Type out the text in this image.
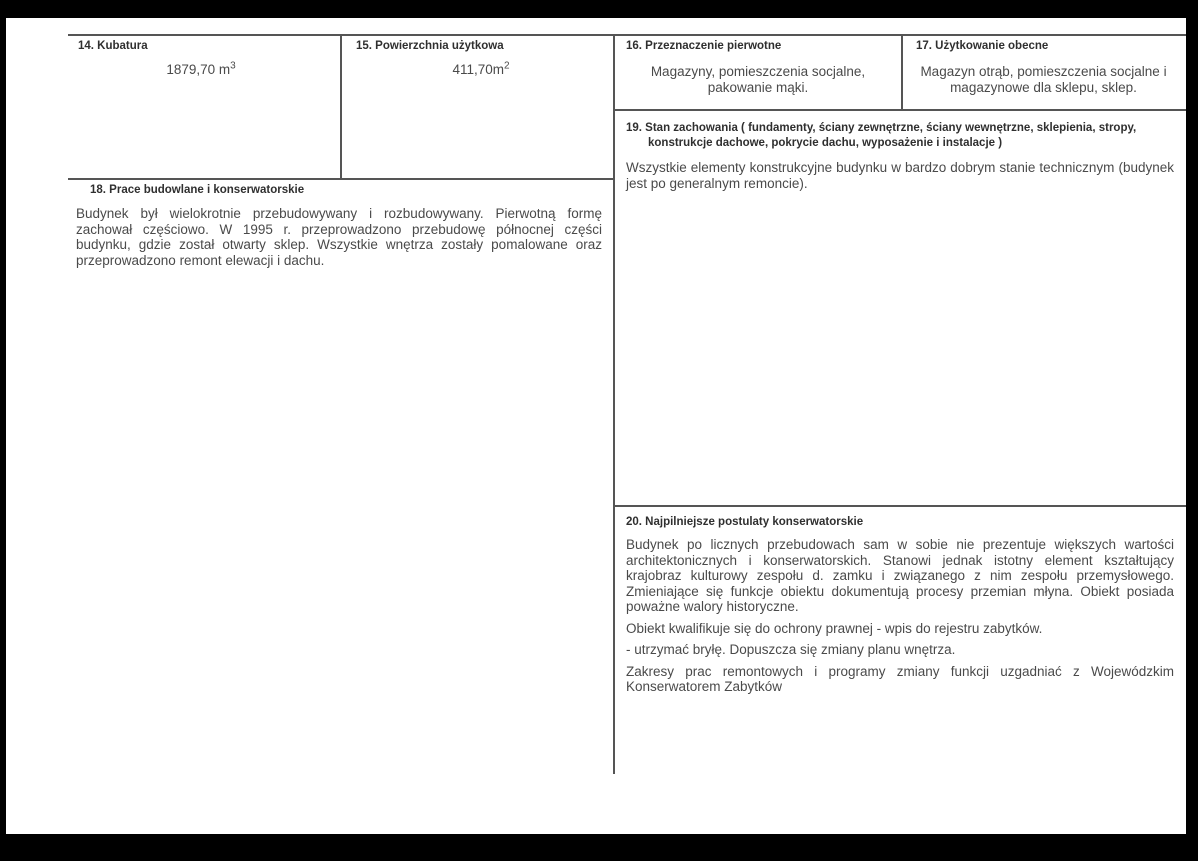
14. Kubatura
1879,70 $m^3$
15. Powierzchnia użytkowa
$411,70m^2$
16. Przeznaczenie pierwotne
Magazyny, pomieszczenia socjalne, pakowanie mąki.
17. Użytkowanie obecne
Magazyn otrąb, pomieszczenia socjalne i magazynowe dla sklepu, sklep.
18. Prace budowlane i konserwatorskie
Budynek był wielokrotnie przebudowywany i rozbudowywany. Pierwotną formę zachował częściowo. W 1995 r. przeprowadzono przebudowę północnej części budynku, gdzie został otwarty sklep. Wszystkie wnętrza zostały pomalowane oraz przeprowadzono remont elewacji i dachu.
19. Stan zachowania ( fundamenty, ściany zewnętrzne, ściany wewnętrzne, sklepienia, stropy,
konstrukcje dachowe, pokrycie dachu, wyposażenie i instalacje )
Wszystkie elementy konstrukcyjne budynku w bardzo dobrym stanie technicznym (budynek jest po generalnym remoncie).
20. Najpilniejsze postulaty konserwatorskie

Budynek po licznych przebudowach sam w sobie nie prezentuje większych wartości architektonicznych i konserwatorskich. Stanowi jednak istotny element kształtujący krajobraz kulturowy zespołu d. zamku i związanego z nim zespołu przemysłowego. Zmieniające się funkcje obiektu dokumentują procesy przemian młyna. Obiekt posiada poważne walory historyczne.

Obiekt kwalifikuje się do ochrony prawnej - wpis do rejestru zabytków.

- utrzymać bryłę. Dopuszcza się zmiany planu wnętrza.

Zakresy prac remontowych i programy zmiany funkcji uzgadniać z Wojewódzkim Konserwatorem Zabytków
